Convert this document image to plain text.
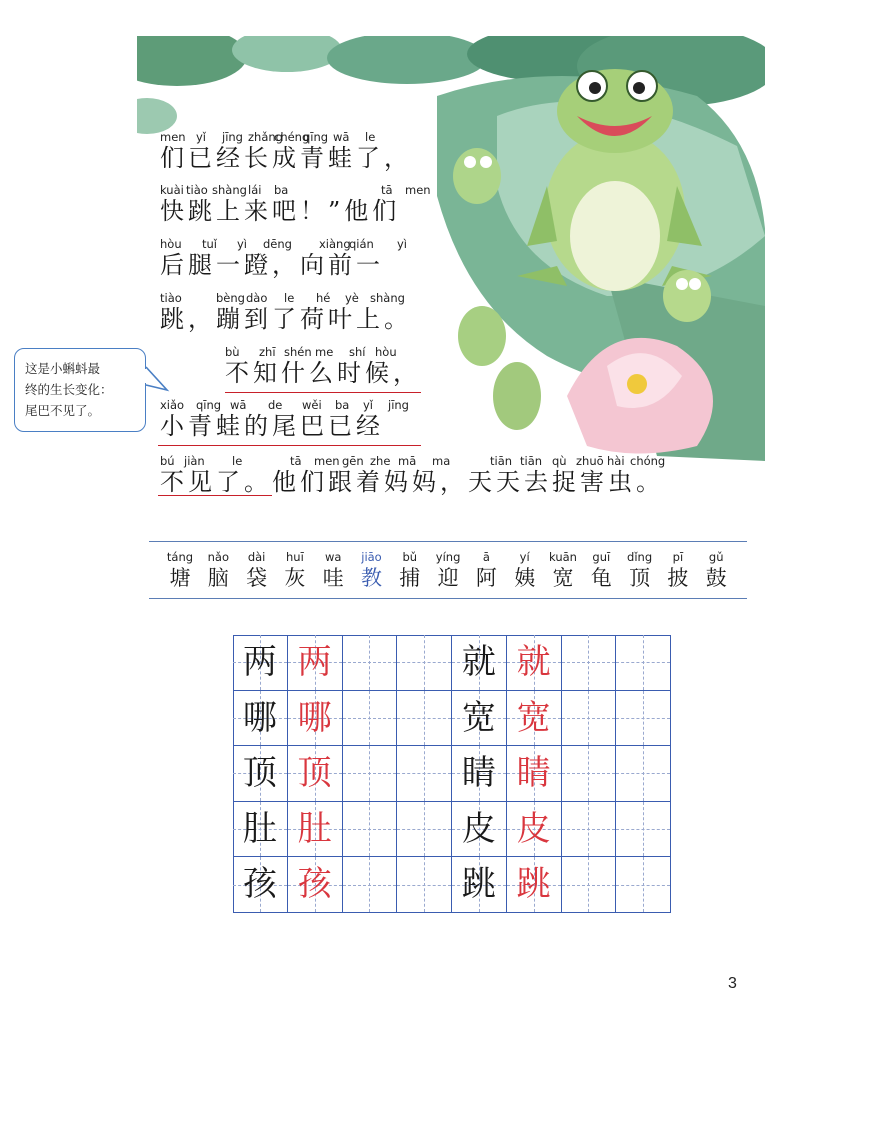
men yǐ jīng zhǎng
chéng
qīng wā le
们已经长成青蛙了，
kuài tiào shàng lái ba	tā men
快跳上来吧！”他们
hòu tuǐ yì dēng xiàng
qián yì
后腿一蹬，向前一
tiào	bèng dào le hé yè shàng
跳，蹦到了荷叶上。
bù zhī shén me shí hòu
不知什么时候，
xiǎo qīng wā de wěi ba yǐ jīng
小青蛙的尾巴已经
bú jiàn le	tā men gēn zhe mā ma	tiān tiān qù zhuō hài chóng
不见了。他们跟着妈妈，天天去捉害虫。
这是小蝌蚪最
终的生长变化：
尾巴不见了。
táng
塘
nǎo
脑
dài
袋
huī
灰
wa
哇
jiāo
教
bǔ
捕
yíng
迎
ā
阿
yí
姨
kuān
宽
guī
龟
dǐng
顶
pī
披
gǔ
鼓
两 两	就 就
哪 哪	宽 宽
顶 顶	睛 睛
肚 肚	皮 皮
孩 孩	跳 跳
3
